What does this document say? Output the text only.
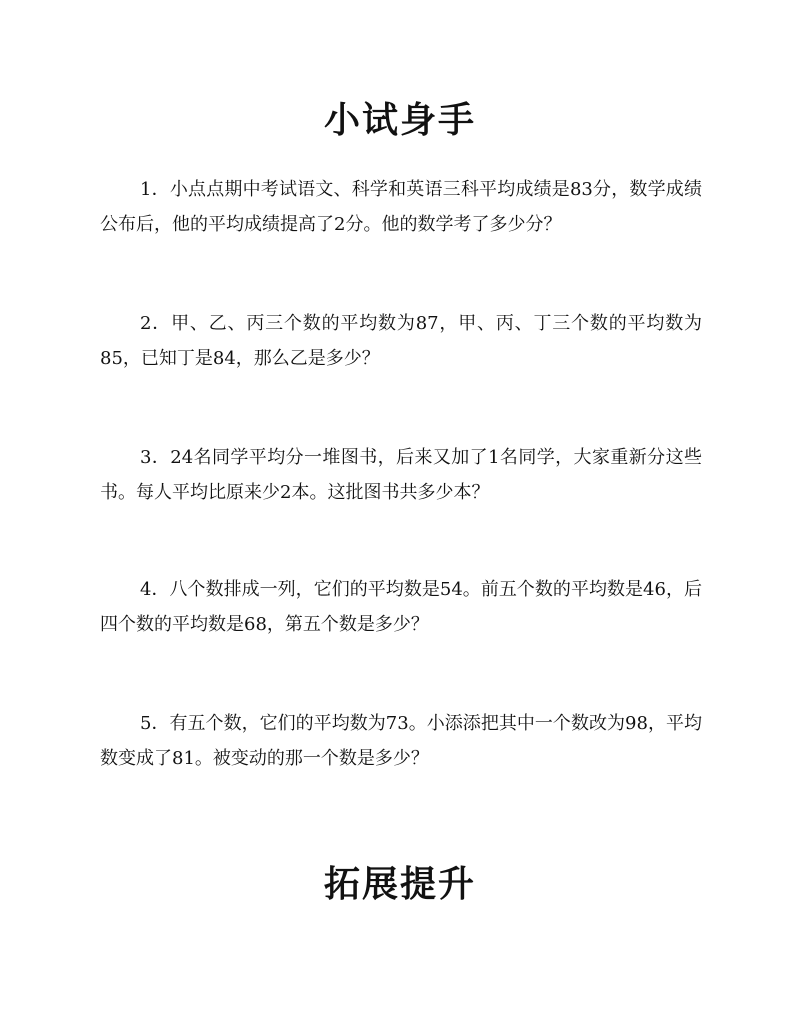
小试身手

1．小点点期中考试语文、科学和英语三科平均成绩是83分，数学成绩公布后，他的平均成绩提高了2分。他的数学考了多少分？

2．甲、乙、丙三个数的平均数为87，甲、丙、丁三个数的平均数为85，已知丁是84，那么乙是多少？

3．24名同学平均分一堆图书，后来又加了1名同学，大家重新分这些书。每人平均比原来少2本。这批图书共多少本？

4．八个数排成一列，它们的平均数是54。前五个数的平均数是46，后四个数的平均数是68，第五个数是多少？

5．有五个数，它们的平均数为73。小添添把其中一个数改为98，平均数变成了81。被变动的那一个数是多少？

拓展提升
